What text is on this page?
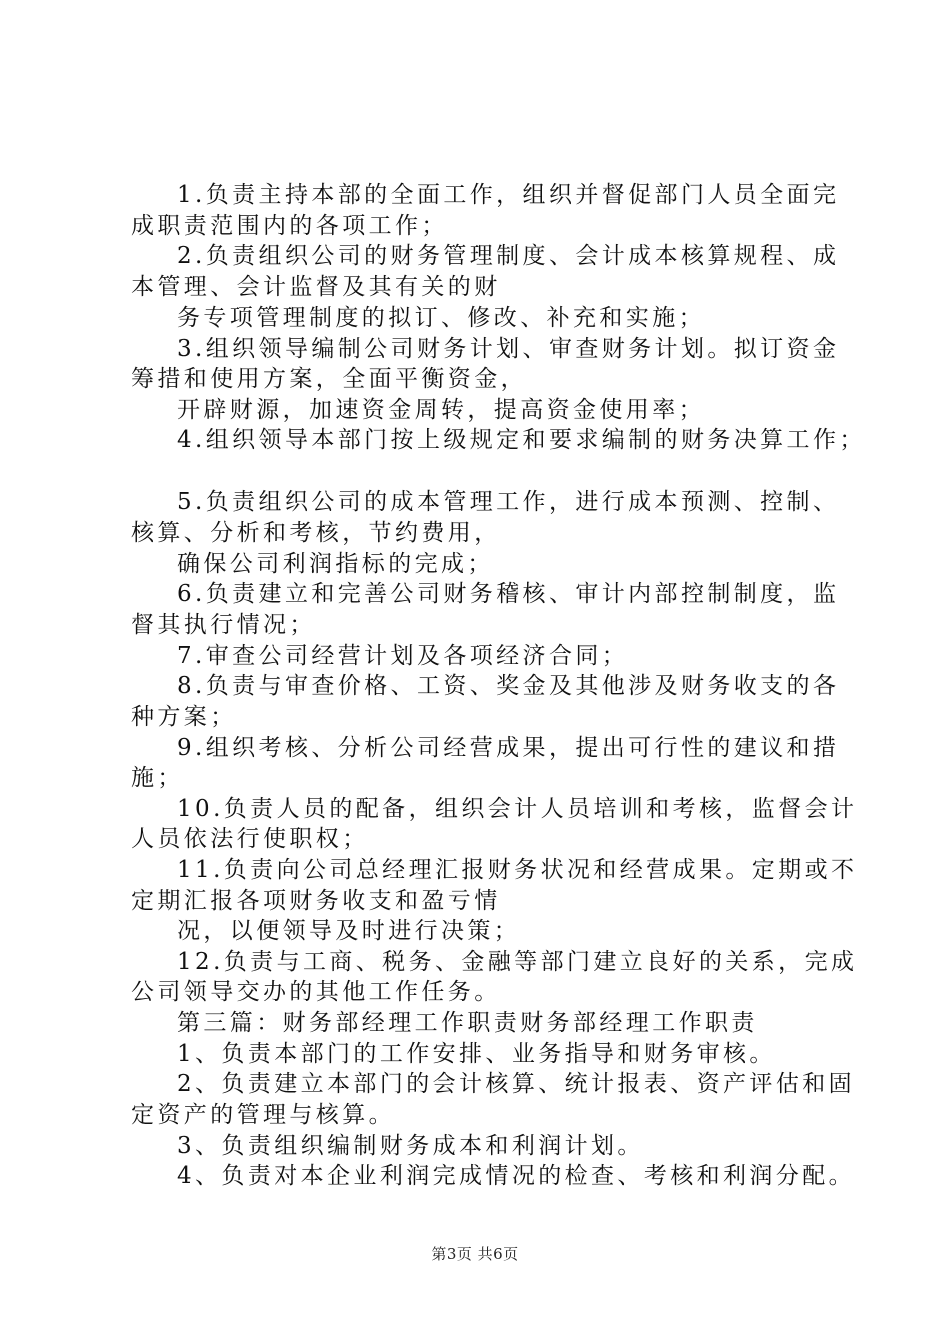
1.负责主持本部的全面工作，组织并督促部门人员全面完
成职责范围内的各项工作；
2.负责组织公司的财务管理制度、会计成本核算规程、成
本管理、会计监督及其有关的财
务专项管理制度的拟订、修改、补充和实施；
3.组织领导编制公司财务计划、审查财务计划。拟订资金
筹措和使用方案，全面平衡资金，
开辟财源，加速资金周转，提高资金使用率；
4.组织领导本部门按上级规定和要求编制的财务决算工作；
5.负责组织公司的成本管理工作，进行成本预测、控制、
核算、分析和考核，节约费用，
确保公司利润指标的完成；
6.负责建立和完善公司财务稽核、审计内部控制制度，监
督其执行情况；
7.审查公司经营计划及各项经济合同；
8.负责与审查价格、工资、奖金及其他涉及财务收支的各
种方案；
9.组织考核、分析公司经营成果，提出可行性的建议和措
施；
10.负责人员的配备，组织会计人员培训和考核，监督会计
人员依法行使职权；
11.负责向公司总经理汇报财务状况和经营成果。定期或不
定期汇报各项财务收支和盈亏情
况，以便领导及时进行决策；
12.负责与工商、税务、金融等部门建立良好的关系，完成
公司领导交办的其他工作任务。
第三篇：财务部经理工作职责财务部经理工作职责
1、负责本部门的工作安排、业务指导和财务审核。
2、负责建立本部门的会计核算、统计报表、资产评估和固
定资产的管理与核算。
3、负责组织编制财务成本和利润计划。
4、负责对本企业利润完成情况的检查、考核和利润分配。
第3页 共6页
